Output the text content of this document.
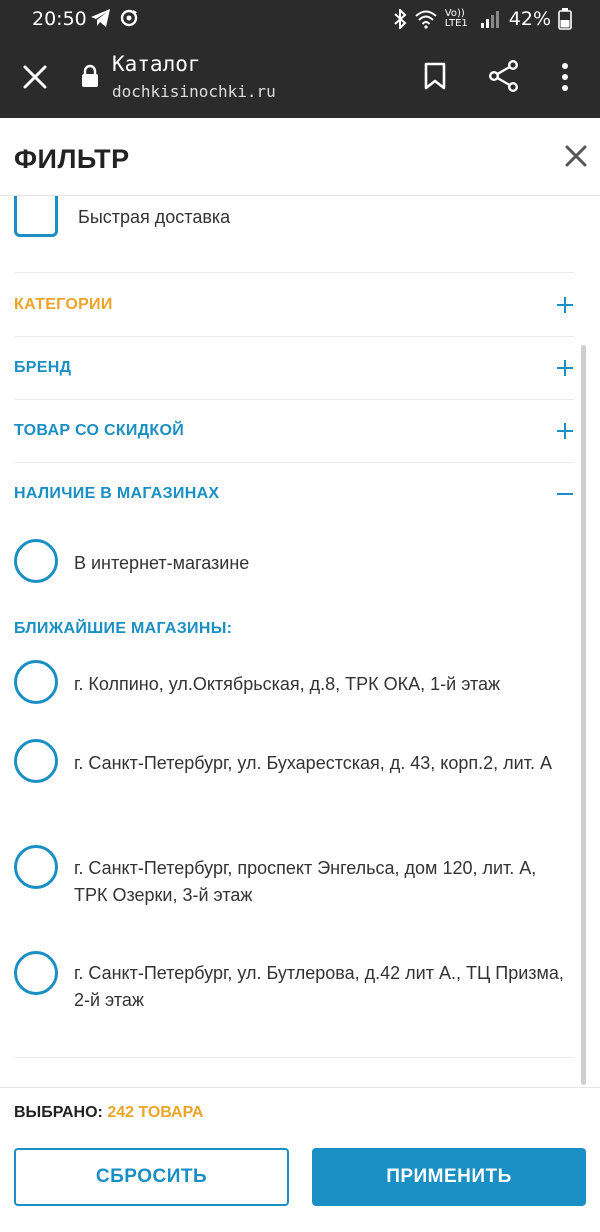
20:50	Vo)) LTE1 42%
Каталог
dochkisinochki.ru
ФИЛЬТР
Быстрая доставка
КАТЕГОРИИ
БРЕНД
ТОВАР СО СКИДКОЙ
НАЛИЧИЕ В МАГАЗИНАХ
В интернет-магазине
БЛИЖАЙШИЕ МАГАЗИНЫ:
г. Колпино, ул.Октябрьская, д.8, ТРК ОКА, 1-й этаж
г. Санкт-Петербург, ул. Бухарестская, д. 43, корп.2, лит. А
г. Санкт-Петербург, проспект Энгельса, дом 120, лит. А, ТРК Озерки, 3-й этаж
г. Санкт-Петербург, ул. Бутлерова, д.42 лит А., ТЦ Призма, 2-й этаж
ВЫБРАНО: 242 ТОВАРА
СБРОСИТЬ	ПРИМЕНИТЬ
